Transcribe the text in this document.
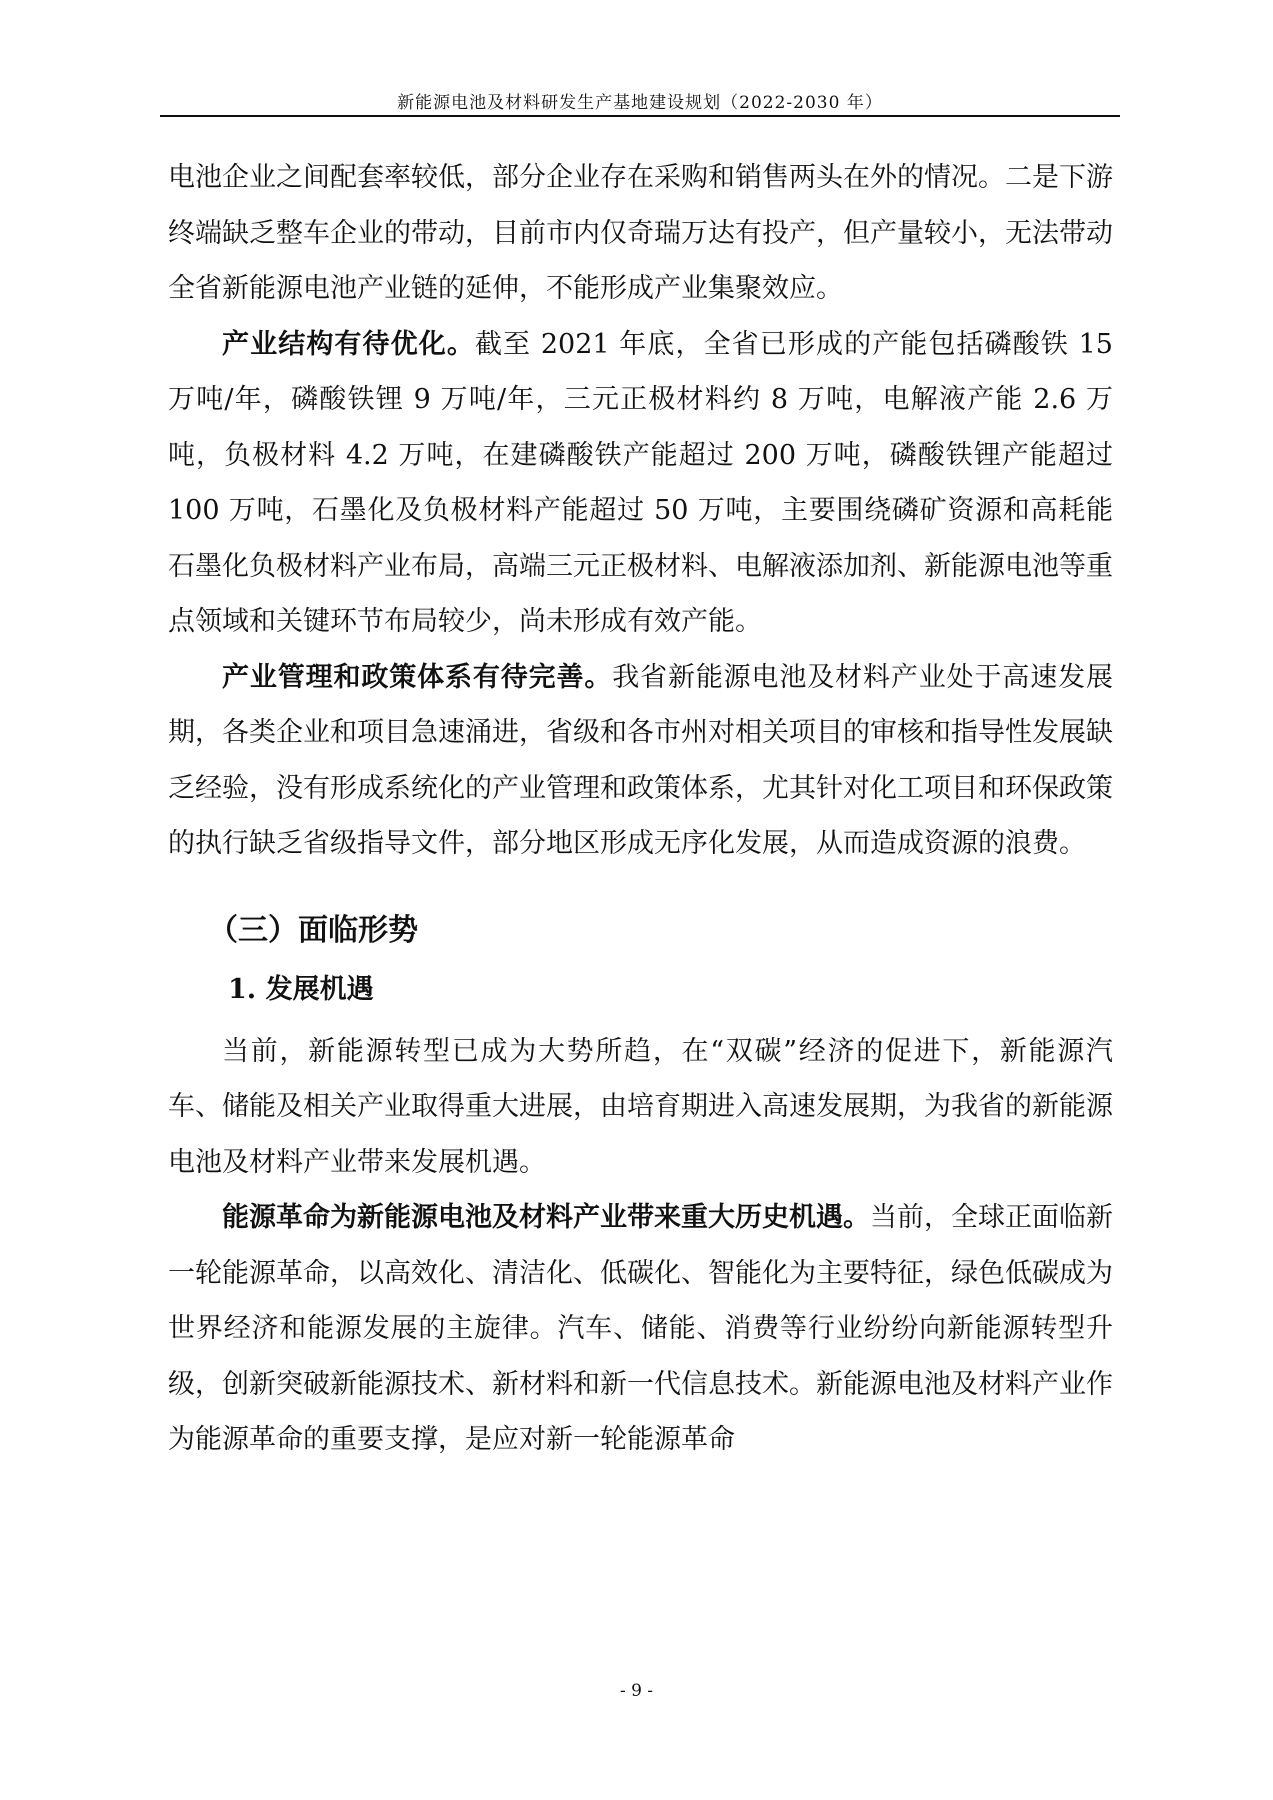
新能源电池及材料研发生产基地建设规划（2022-2030 年）

电池企业之间配套率较低，部分企业存在采购和销售两头在外的情况。二是下游终端缺乏整车企业的带动，目前市内仅奇瑞万达有投产，但产量较小，无法带动全省新能源电池产业链的延伸，不能形成产业集聚效应。

产业结构有待优化。截至 2021 年底，全省已形成的产能包括磷酸铁 15 万吨/年，磷酸铁锂 9 万吨/年，三元正极材料约 8 万吨，电解液产能 2.6 万吨，负极材料 4.2 万吨，在建磷酸铁产能超过 200 万吨，磷酸铁锂产能超过 100 万吨，石墨化及负极材料产能超过 50 万吨，主要围绕磷矿资源和高耗能石墨化负极材料产业布局，高端三元正极材料、电解液添加剂、新能源电池等重点领域和关键环节布局较少，尚未形成有效产能。

产业管理和政策体系有待完善。我省新能源电池及材料产业处于高速发展期，各类企业和项目急速涌进，省级和各市州对相关项目的审核和指导性发展缺乏经验，没有形成系统化的产业管理和政策体系，尤其针对化工项目和环保政策的执行缺乏省级指导文件，部分地区形成无序化发展，从而造成资源的浪费。

（三）面临形势
1. 发展机遇

当前，新能源转型已成为大势所趋，在“双碳”经济的促进下，新能源汽车、储能及相关产业取得重大进展，由培育期进入高速发展期，为我省的新能源电池及材料产业带来发展机遇。

能源革命为新能源电池及材料产业带来重大历史机遇。当前，全球正面临新一轮能源革命，以高效化、清洁化、低碳化、智能化为主要特征，绿色低碳成为世界经济和能源发展的主旋律。汽车、储能、消费等行业纷纷向新能源转型升级，创新突破新能源技术、新材料和新一代信息技术。新能源电池及材料产业作为能源革命的重要支撑，是应对新一轮能源革命

- 9 -
